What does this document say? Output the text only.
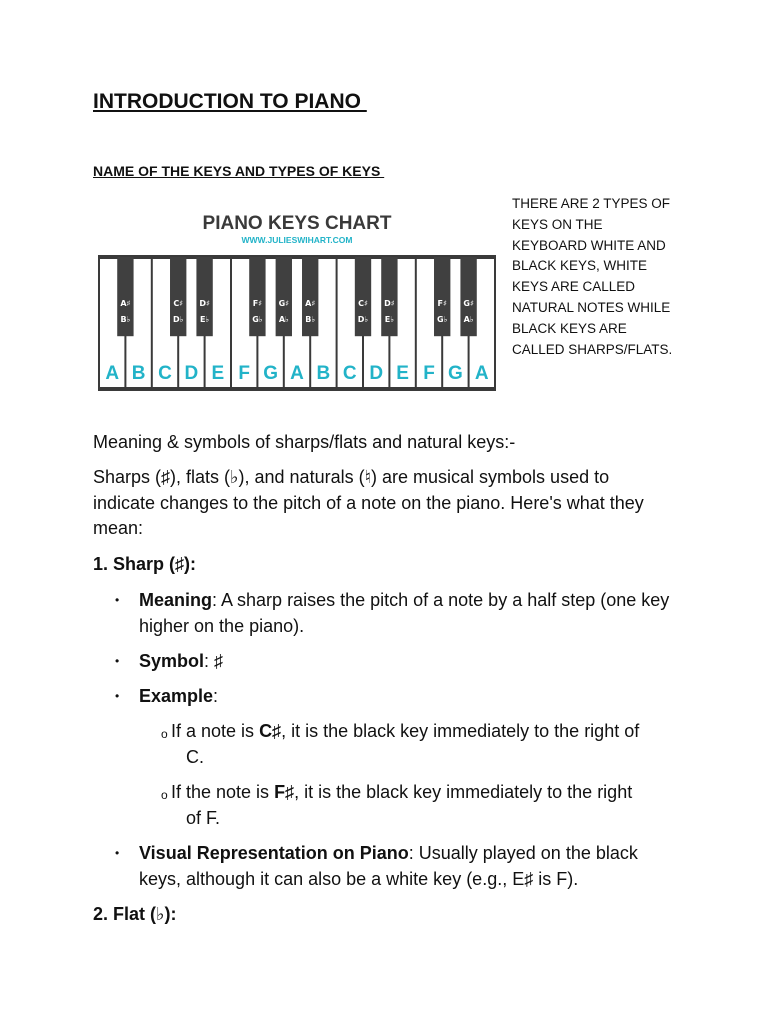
INTRODUCTION TO PIANO
NAME OF THE KEYS AND TYPES OF KEYS
PIANO KEYS CHART
WWW.JULIESWIHART.COM
A B C D E F G A B C D E F G A
A♯
B♭
C♯
D♭
D♯
E♭
F♯
G♭
G♯
A♭
A♯
B♭
C♯
D♭
D♯
E♭
F♯
G♭
G♯
A♭
THERE ARE 2 TYPES OF
KEYS ON THE
KEYBOARD WHITE AND
BLACK KEYS, WHITE
KEYS ARE CALLED
NATURAL NOTES WHILE
BLACK KEYS ARE
CALLED SHARPS/FLATS.

Meaning & symbols of sharps/flats and natural keys:-

Sharps (♯), flats (♭), and naturals (♮) are musical symbols used to indicate changes to the pitch of a note on the piano. Here's what they mean:

1. Sharp (♯):

• Meaning: A sharp raises the pitch of a note by a half step (one key higher on the piano).
• Symbol: ♯
• Example:
o If a note is C♯, it is the black key immediately to the right of
C.
o If the note is F♯, it is the black key immediately to the right
of F.
• Visual Representation on Piano: Usually played on the black keys, although it can also be a white key (e.g., E♯ is F).

2. Flat (♭):
